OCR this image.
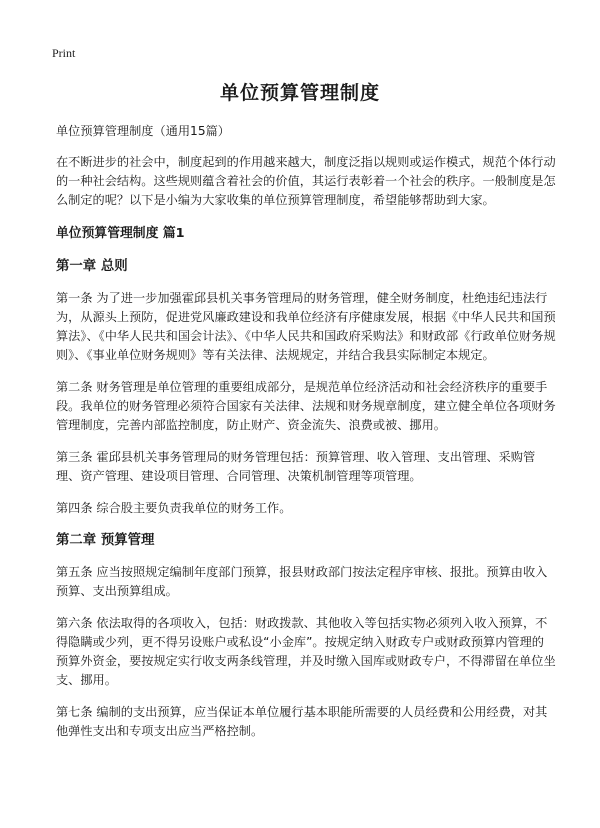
Print
单位预算管理制度

单位预算管理制度（通用15篇）

在不断进步的社会中，制度起到的作用越来越大，制度泛指以规则或运作模式，规范个体行动的一种社会结构。这些规则蕴含着社会的价值，其运行表彰着一个社会的秩序。一般制度是怎么制定的呢？以下是小编为大家收集的单位预算管理制度，希望能够帮助到大家。

单位预算管理制度 篇1

第一章 总则

第一条 为了进一步加强霍邱县机关事务管理局的财务管理，健全财务制度，杜绝违纪违法行为，从源头上预防，促进党风廉政建设和我单位经济有序健康发展，根据《中华人民共和国预算法》、《中华人民共和国会计法》、《中华人民共和国政府采购法》和财政部《行政单位财务规则》、《事业单位财务规则》等有关法律、法规规定，并结合我县实际制定本规定。

第二条 财务管理是单位管理的重要组成部分，是规范单位经济活动和社会经济秩序的重要手段。我单位的财务管理必须符合国家有关法律、法规和财务规章制度，建立健全单位各项财务管理制度，完善内部监控制度，防止财产、资金流失、浪费或被、挪用。

第三条 霍邱县机关事务管理局的财务管理包括：预算管理、收入管理、支出管理、采购管理、资产管理、建设项目管理、合同管理、决策机制管理等项管理。

第四条 综合股主要负责我单位的财务工作。

第二章 预算管理

第五条 应当按照规定编制年度部门预算，报县财政部门按法定程序审核、报批。预算由收入预算、支出预算组成。

第六条 依法取得的各项收入，包括：财政拨款、其他收入等包括实物必须列入收入预算，不得隐瞒或少列，更不得另设账户或私设“小金库”。按规定纳入财政专户或财政预算内管理的预算外资金，要按规定实行收支两条线管理，并及时缴入国库或财政专户，不得滞留在单位坐支、挪用。

第七条 编制的支出预算，应当保证本单位履行基本职能所需要的人员经费和公用经费，对其他弹性支出和专项支出应当严格控制。
